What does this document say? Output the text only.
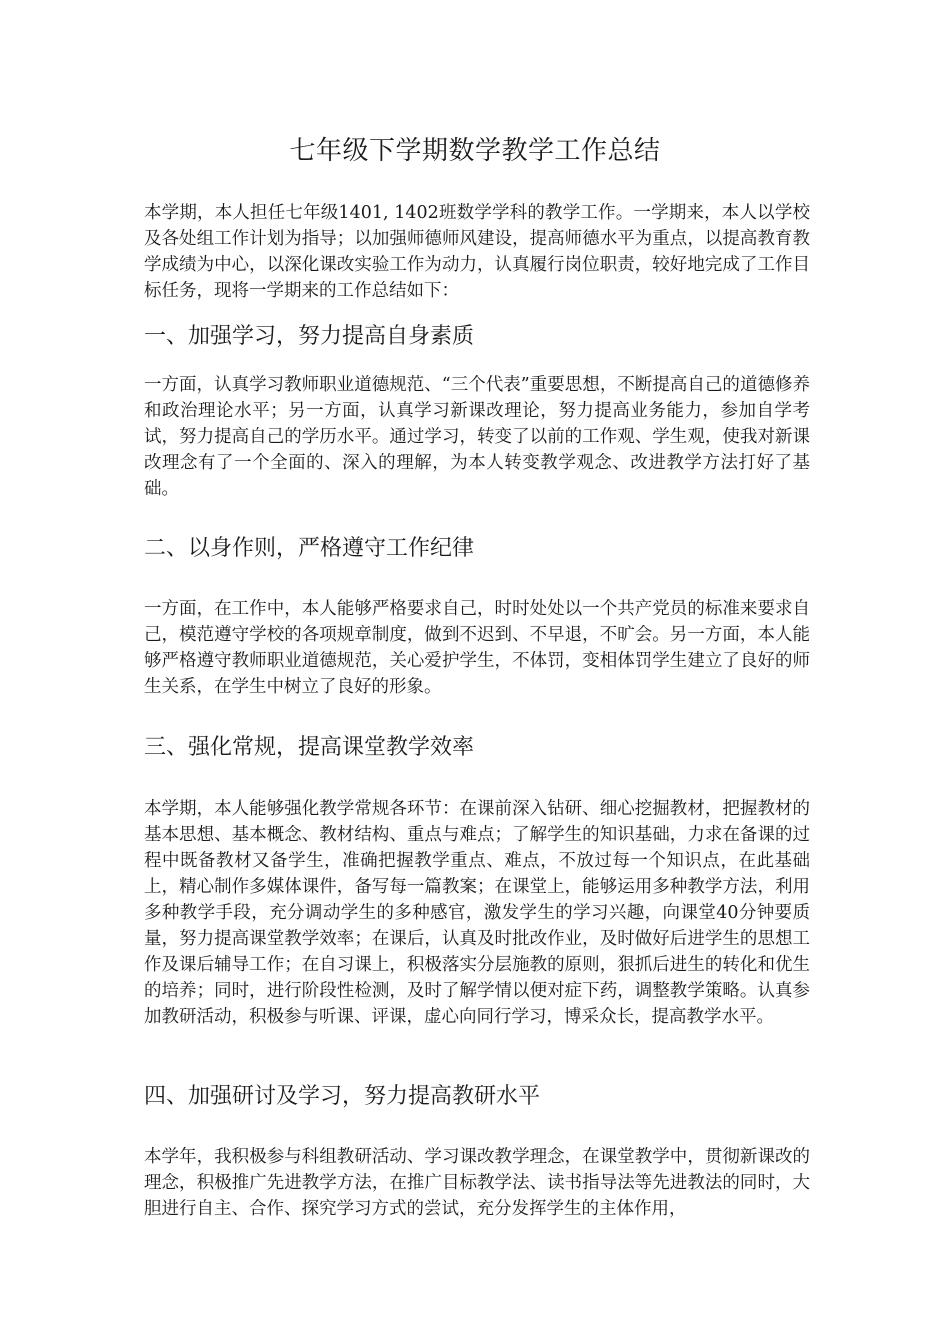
七年级下学期数学教学工作总结

本学期，本人担任七年级1401, 1402班数学学科的教学工作。一学期来，本人以学校及各处组工作计划为指导；以加强师德师风建设，提高师德水平为重点，以提高教育教学成绩为中心，以深化课改实验工作为动力，认真履行岗位职责，较好地完成了工作目标任务，现将一学期来的工作总结如下：

一、加强学习，努力提高自身素质

一方面，认真学习教师职业道德规范、“三个代表”重要思想，不断提高自己的道德修养和政治理论水平；另一方面，认真学习新课改理论，努力提高业务能力，参加自学考试，努力提高自己的学历水平。通过学习，转变了以前的工作观、学生观，使我对新课改理念有了一个全面的、深入的理解，为本人转变教学观念、改进教学方法打好了基础。

二、以身作则，严格遵守工作纪律

一方面，在工作中，本人能够严格要求自己，时时处处以一个共产党员的标准来要求自己，模范遵守学校的各项规章制度，做到不迟到、不早退，不旷会。另一方面，本人能够严格遵守教师职业道德规范，关心爱护学生，不体罚，变相体罚学生建立了良好的师生关系，在学生中树立了良好的形象。

三、强化常规，提高课堂教学效率

本学期，本人能够强化教学常规各环节：在课前深入钻研、细心挖掘教材，把握教材的基本思想、基本概念、教材结构、重点与难点；了解学生的知识基础，力求在备课的过程中既备教材又备学生，准确把握教学重点、难点，不放过每一个知识点，在此基础上，精心制作多媒体课件，备写每一篇教案；在课堂上，能够运用多种教学方法，利用多种教学手段，充分调动学生的多种感官，激发学生的学习兴趣，向课堂40分钟要质量，努力提高课堂教学效率；在课后，认真及时批改作业，及时做好后进学生的思想工作及课后辅导工作；在自习课上，积极落实分层施教的原则，狠抓后进生的转化和优生的培养；同时，进行阶段性检测，及时了解学情以便对症下药，调整教学策略。认真参加教研活动，积极参与听课、评课，虚心向同行学习，博采众长，提高教学水平。

四、加强研讨及学习，努力提高教研水平

本学年，我积极参与科组教研活动、学习课改教学理念，在课堂教学中，贯彻新课改的理念，积极推广先进教学方法，在推广目标教学法、读书指导法等先进教法的同时，大胆进行自主、合作、探究学习方式的尝试，充分发挥学生的主体作用，
